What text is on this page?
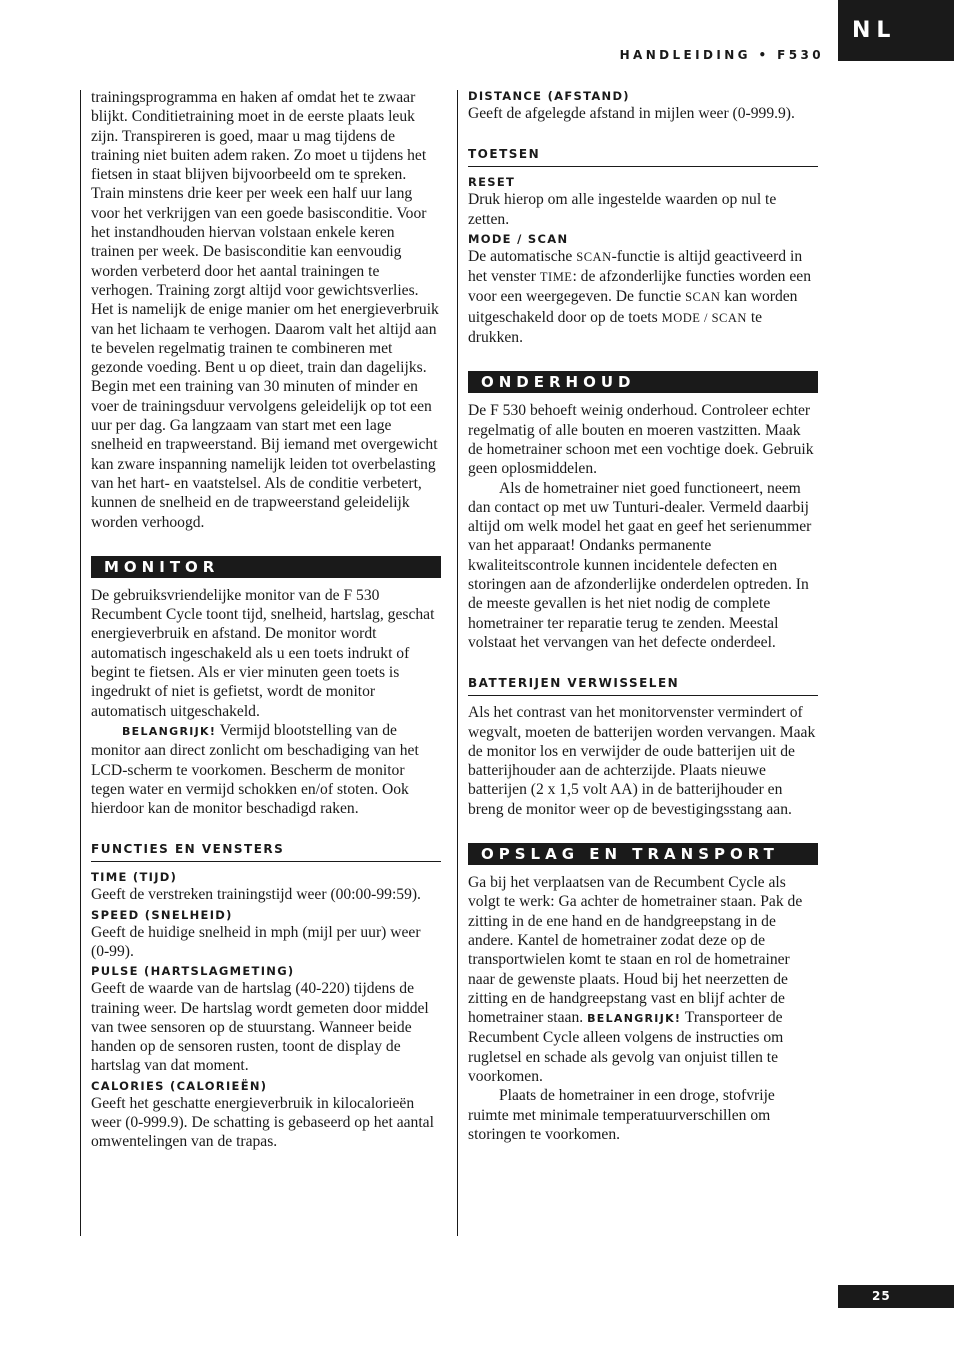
NL
HANDLEIDING • F530

trainingsprogramma en haken af omdat het te zwaar blijkt. Conditietraining moet in de eerste plaats leuk zijn. Transpireren is goed, maar u mag tijdens de training niet buiten adem raken. Zo moet u tijdens het fietsen in staat blijven bijvoorbeeld om te spreken. Train minstens drie keer per week een half uur lang voor het verkrijgen van een goede basisconditie. Voor het instandhouden hiervan volstaan enkele keren trainen per week. De basisconditie kan eenvoudig worden verbeterd door het aantal trainingen te verhogen. Training zorgt altijd voor gewichtsverlies. Het is namelijk de enige manier om het energieverbruik van het lichaam te verhogen. Daarom valt het altijd aan te bevelen regelmatig trainen te combineren met gezonde voeding. Bent u op dieet, train dan dagelijks. Begin met een training van 30 minuten of minder en voer de trainingsduur vervolgens geleidelijk op tot een uur per dag. Ga langzaam van start met een lage snelheid en trapweerstand. Bij iemand met overgewicht kan zware inspanning namelijk leiden tot overbelasting van het hart- en vaatstelsel. Als de conditie verbetert, kunnen de snelheid en de trapweerstand geleidelijk worden verhoogd.

MONITOR

De gebruiksvriendelijke monitor van de F 530 Recumbent Cycle toont tijd, snelheid, hartslag, geschat energieverbruik en afstand. De monitor wordt automatisch ingeschakeld als u een toets indrukt of begint te fietsen. Als er vier minuten geen toets is ingedrukt of niet is gefietst, wordt de monitor automatisch uitgeschakeld.

BELANGRIJK! Vermijd blootstelling van de monitor aan direct zonlicht om beschadiging van het LCD-scherm te voorkomen. Bescherm de monitor tegen water en vermijd schokken en/of stoten. Ook hierdoor kan de monitor beschadigd raken.

FUNCTIES EN VENSTERS
TIME (TIJD)

Geeft de verstreken trainingstijd weer (00:00-99:59).

SPEED (SNELHEID)

Geeft de huidige snelheid in mph (mijl per uur) weer (0-99).

PULSE (HARTSLAGMETING)

Geeft de waarde van de hartslag (40-220) tijdens de training weer. De hartslag wordt gemeten door middel van twee sensoren op de stuurstang. Wanneer beide handen op de sensoren rusten, toont de display de hartslag van dat moment.

CALORIES (CALORIEËN)

Geeft het geschatte energieverbruik in kilocalorieën weer (0-999.9). De schatting is gebaseerd op het aantal omwentelingen van de trapas.

DISTANCE (AFSTAND)

Geeft de afgelegde afstand in mijlen weer (0-999.9).

TOETSEN
RESET

Druk hierop om alle ingestelde waarden op nul te zetten.

MODE / SCAN

De automatische SCAN-functie is altijd geactiveerd in het venster TIME: de afzonderlijke functies worden een voor een weergegeven. De functie SCAN kan worden uitgeschakeld door op de toets MODE / SCAN te drukken.

ONDERHOUD

De F 530 behoeft weinig onderhoud. Controleer echter regelmatig of alle bouten en moeren vastzitten. Maak de hometrainer schoon met een vochtige doek. Gebruik geen oplosmiddelen.

Als de hometrainer niet goed functioneert, neem dan contact op met uw Tunturi-dealer. Vermeld daarbij altijd om welk model het gaat en geef het serienummer van het apparaat! Ondanks permanente kwaliteitscontrole kunnen incidentele defecten en storingen aan de afzonderlijke onderdelen optreden. In de meeste gevallen is het niet nodig de complete hometrainer ter reparatie terug te zenden. Meestal volstaat het vervangen van het defecte onderdeel.

BATTERIJEN VERWISSELEN

Als het contrast van het monitorvenster vermindert of wegvalt, moeten de batterijen worden vervangen. Maak de monitor los en verwijder de oude batterijen uit de batterijhouder aan de achterzijde. Plaats nieuwe batterijen (2 x 1,5 volt AA) in de batterijhouder en breng de monitor weer op de bevestigingsstang aan.

OPSLAG EN TRANSPORT

Ga bij het verplaatsen van de Recumbent Cycle als volgt te werk: Ga achter de hometrainer staan. Pak de zitting in de ene hand en de handgreepstang in de andere. Kantel de hometrainer zodat deze op de transportwielen komt te staan en rol de hometrainer naar de gewenste plaats. Houd bij het neerzetten de zitting en de handgreepstang vast en blijf achter de hometrainer staan. BELANGRIJK! Transporteer de Recumbent Cycle alleen volgens de instructies om rugletsel en schade als gevolg van onjuist tillen te voorkomen.

Plaats de hometrainer in een droge, stofvrije ruimte met minimale temperatuurverschillen om storingen te voorkomen.

25
